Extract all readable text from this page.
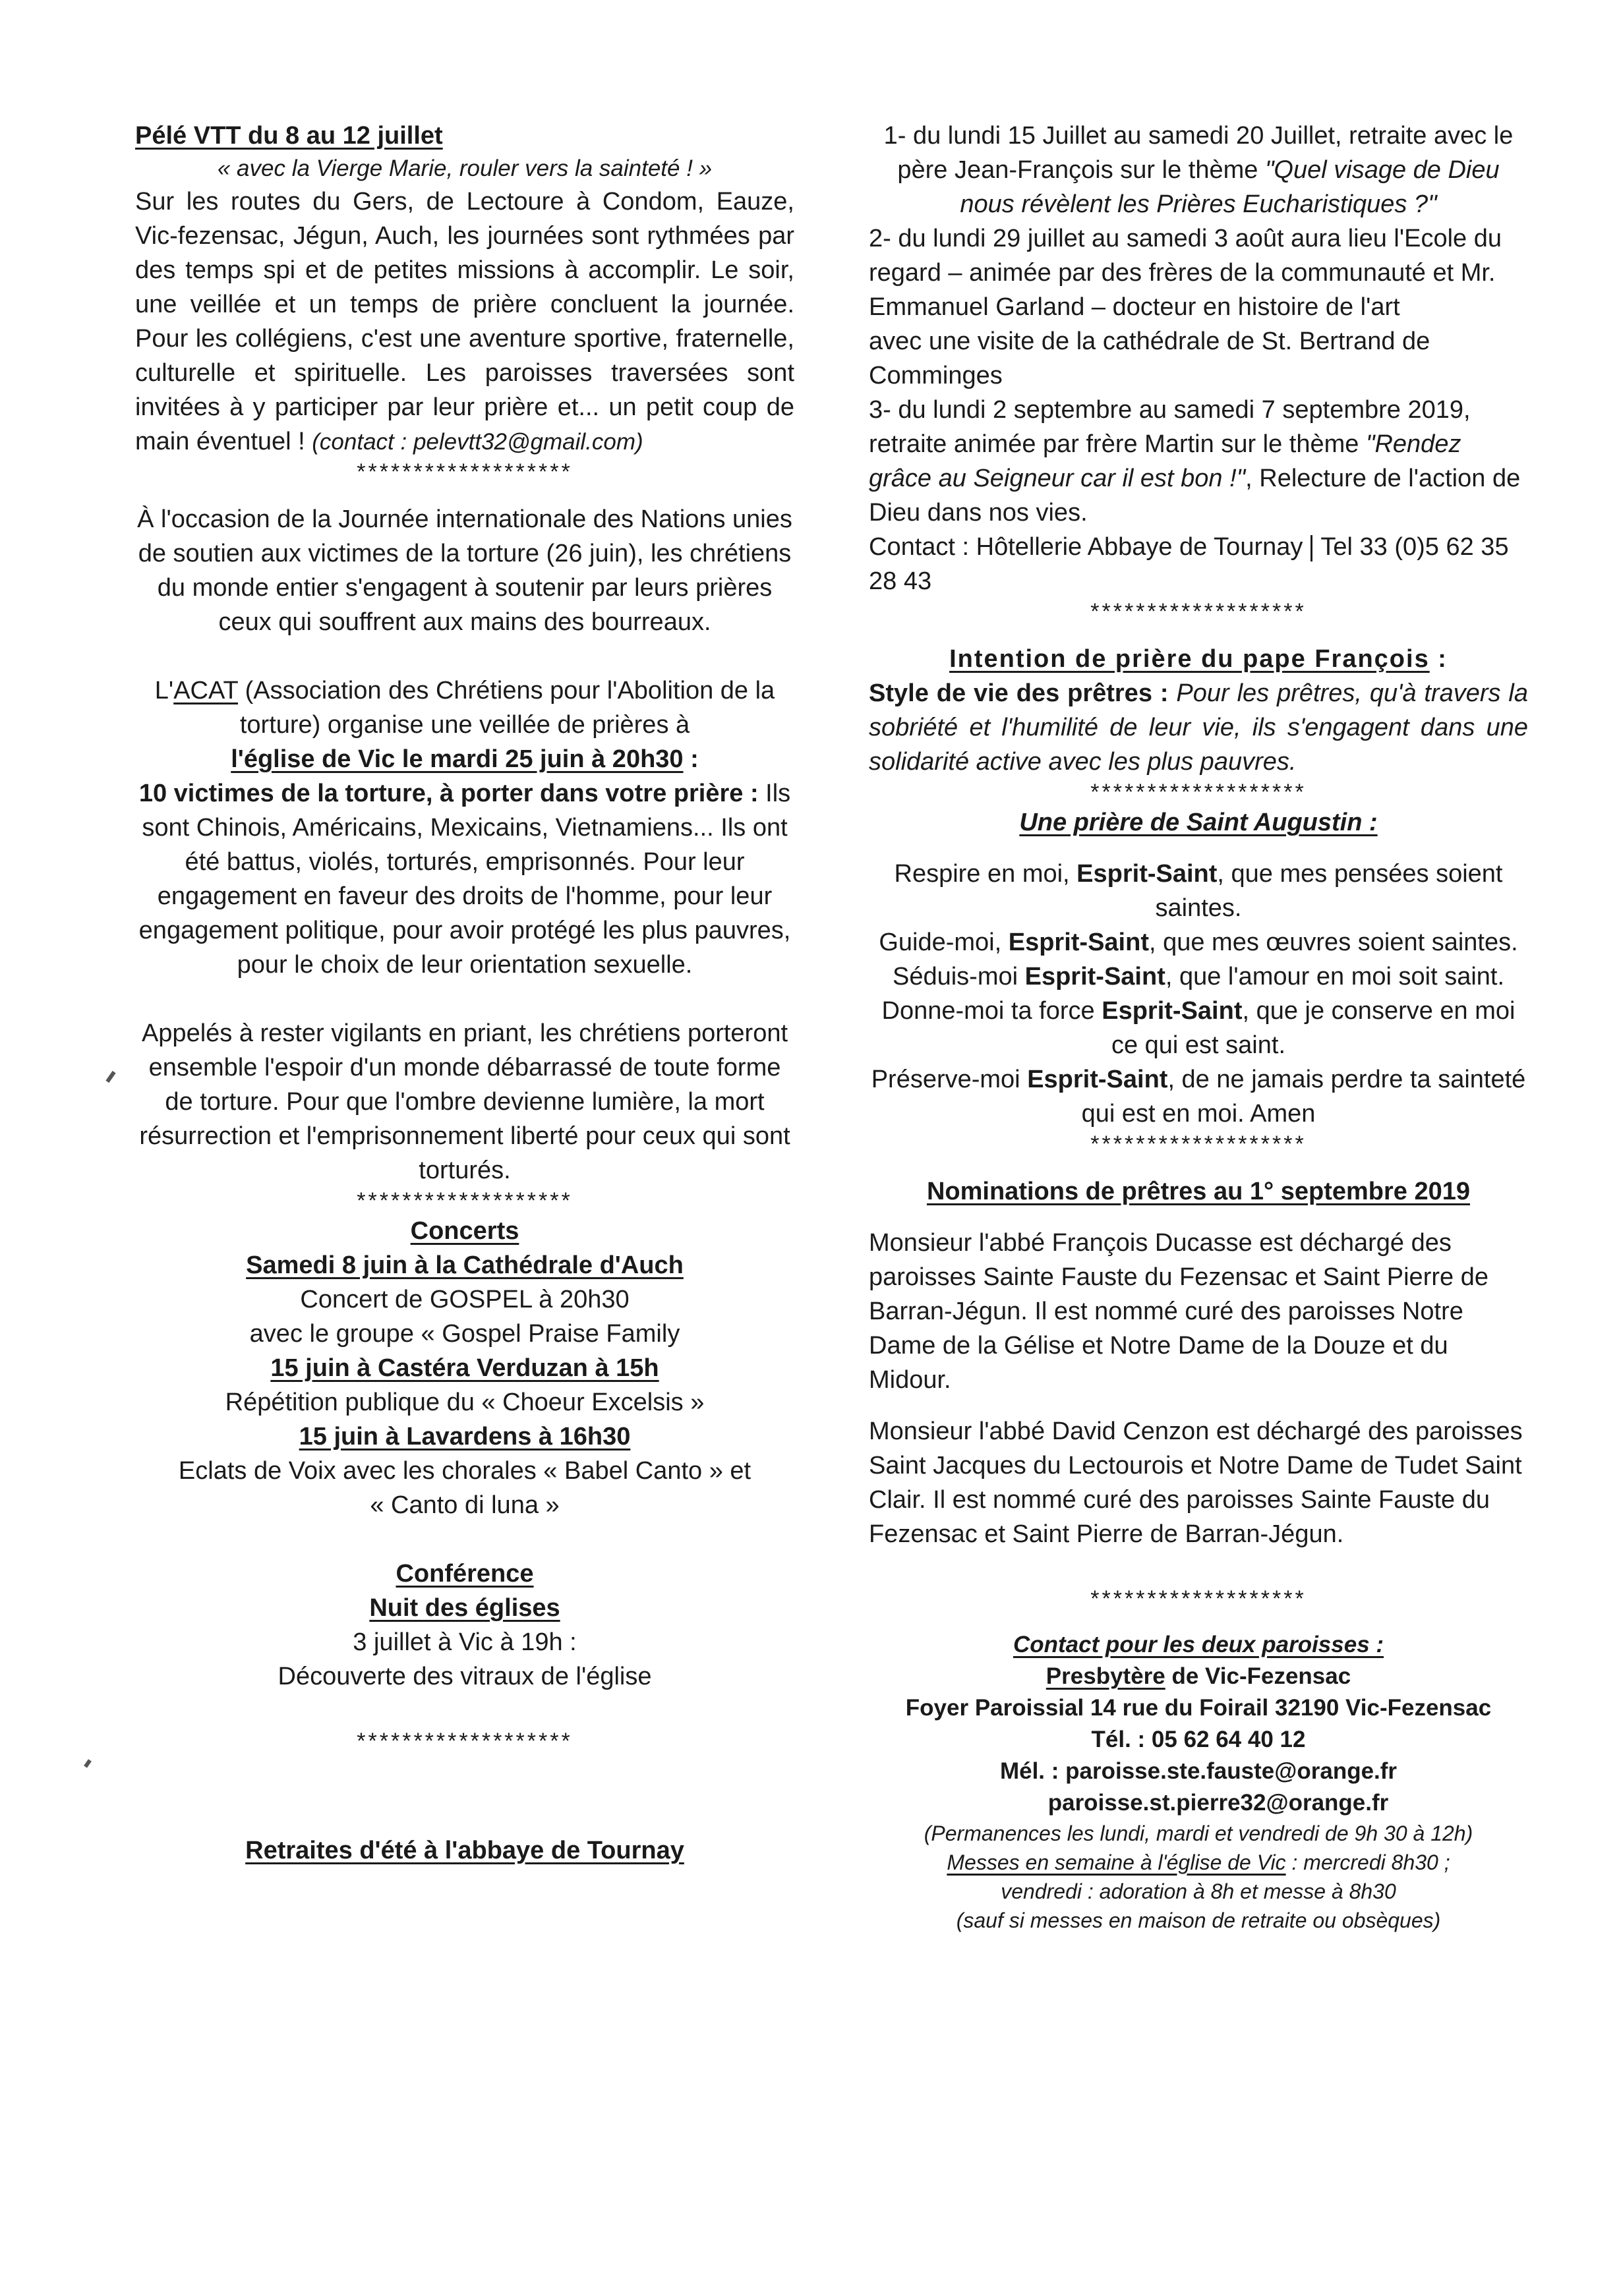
Pélé VTT du 8 au 12 juillet

« avec la Vierge Marie, rouler vers la sainteté ! »

Sur les routes du Gers, de Lectoure à Condom, Eauze, Vic-fezensac, Jégun, Auch, les journées sont rythmées par des temps spi et de petites missions à accomplir. Le soir, une veillée et un temps de prière concluent la journée. Pour les collégiens, c'est une aventure sportive, fraternelle, culturelle et spirituelle. Les paroisses traversées sont invitées à y participer par leur prière et... un petit coup de main éventuel ! (contact : pelevtt32@gmail.com)

*******************

À l'occasion de la Journée internationale des Nations unies de soutien aux victimes de la torture (26 juin), les chrétiens du monde entier s'engagent à soutenir par leurs prières ceux qui souffrent aux mains des bourreaux.

L'ACAT (Association des Chrétiens pour l'Abolition de la torture) organise une veillée de prières à

l'église de Vic le mardi 25 juin à 20h30 :

10 victimes de la torture, à porter dans votre prière : Ils sont Chinois, Américains, Mexicains, Vietnamiens... Ils ont été battus, violés, torturés, emprisonnés. Pour leur engagement en faveur des droits de l'homme, pour leur engagement politique, pour avoir protégé les plus pauvres, pour le choix de leur orientation sexuelle.

Appelés à rester vigilants en priant, les chrétiens porteront ensemble l'espoir d'un monde débarrassé de toute forme de torture. Pour que l'ombre devienne lumière, la mort résurrection et l'emprisonnement liberté pour ceux qui sont torturés.

*******************

Concerts

Samedi 8 juin à la Cathédrale d'Auch

Concert de GOSPEL à 20h30

avec le groupe « Gospel Praise Family

15 juin à Castéra Verduzan à 15h

Répétition publique du « Choeur Excelsis »

15 juin à Lavardens à 16h30

Eclats de Voix avec les chorales « Babel Canto » et

« Canto di luna »

Conférence

Nuit des églises

3 juillet à Vic à 19h :

Découverte des vitraux de l'église

*******************

Retraites d'été à l'abbaye de Tournay

1- du lundi 15 Juillet au samedi 20 Juillet, retraite avec le père Jean-François sur le thème "Quel visage de Dieu nous révèlent les Prières Eucharistiques ?"

2- du lundi 29 juillet au samedi 3 août aura lieu l'Ecole du regard – animée par des frères de la communauté et Mr. Emmanuel Garland – docteur en histoire de l'art

avec une visite de la cathédrale de St. Bertrand de Comminges

3- du lundi 2 septembre au samedi 7 septembre 2019, retraite animée par frère Martin sur le thème "Rendez grâce au Seigneur car il est bon !", Relecture de l'action de Dieu dans nos vies.

Contact : Hôtellerie Abbaye de Tournay Tel 33 (0)5 62 35 28 43

*******************

Intention de prière du pape François :

Style de vie des prêtres : Pour les prêtres, qu'à travers la sobriété et l'humilité de leur vie, ils s'engagent dans une solidarité active avec les plus pauvres.

*******************

Une prière de Saint Augustin :

Respire en moi, Esprit-Saint, que mes pensées soient saintes.

Guide-moi, Esprit-Saint, que mes œuvres soient saintes.

Séduis-moi Esprit-Saint, que l'amour en moi soit saint.

Donne-moi ta force Esprit-Saint, que je conserve en moi ce qui est saint.

Préserve-moi Esprit-Saint, de ne jamais perdre ta sainteté qui est en moi. Amen

*******************

Nominations de prêtres au 1° septembre 2019

Monsieur l'abbé François Ducasse est déchargé des paroisses Sainte Fauste du Fezensac et Saint Pierre de Barran-Jégun. Il est nommé curé des paroisses Notre Dame de la Gélise et Notre Dame de la Douze et du Midour.

Monsieur l'abbé David Cenzon est déchargé des paroisses Saint Jacques du Lectourois et Notre Dame de Tudet Saint Clair. Il est nommé curé des paroisses Sainte Fauste du Fezensac et Saint Pierre de Barran-Jégun.

*******************

Contact pour les deux paroisses :

Presbytère de Vic-Fezensac

Foyer Paroissial 14 rue du Foirail 32190 Vic-Fezensac

Tél. : 05 62 64 40 12

Mél. : paroisse.ste.fauste@orange.fr

paroisse.st.pierre32@orange.fr

(Permanences les lundi, mardi et vendredi de 9h 30 à 12h)

Messes en semaine à l'église de Vic : mercredi 8h30 ;

vendredi : adoration à 8h et messe à 8h30

(sauf si messes en maison de retraite ou obsèques)
